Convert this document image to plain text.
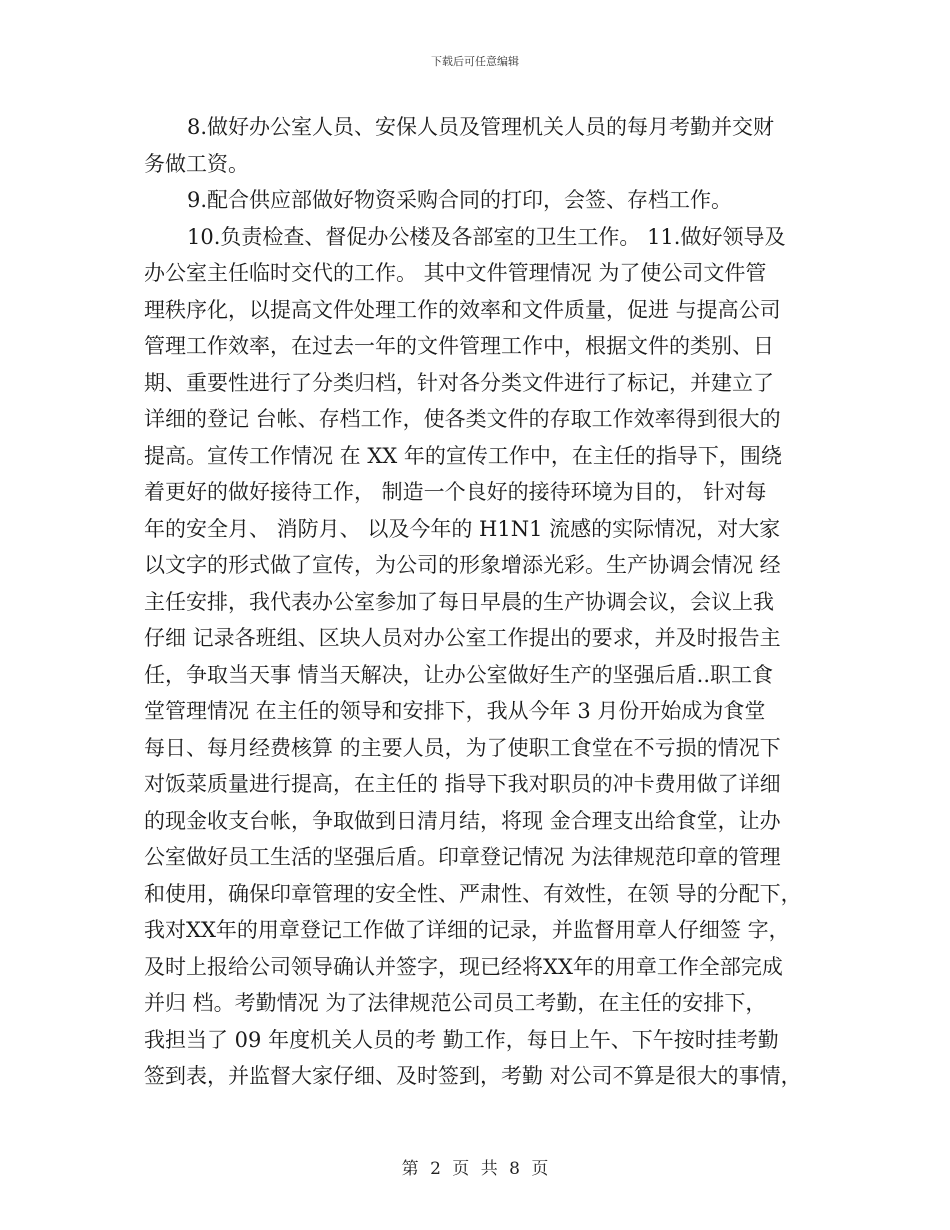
下载后可任意编辑
8.做好办公室人员、安保人员及管理机关人员的每月考勤并交财
务做工资。
9.配合供应部做好物资采购合同的打印，会签、存档工作。
10.负责检查、督促办公楼及各部室的卫生工作。 11.做好领导及
办公室主任临时交代的工作。 其中文件管理情况 为了使公司文件管
理秩序化，以提高文件处理工作的效率和文件质量，促进 与提高公司
管理工作效率，在过去一年的文件管理工作中，根据文件的类别、日
期、重要性进行了分类归档，针对各分类文件进行了标记，并建立了
详细的登记 台帐、存档工作，使各类文件的存取工作效率得到很大的
提高。宣传工作情况 在 XX 年的宣传工作中，在主任的指导下，围绕
着更好的做好接待工作， 制造一个良好的接待环境为目的， 针对每
年的安全月、 消防月、 以及今年的 H1N1 流感的实际情况，对大家
以文字的形式做了宣传，为公司的形象增添光彩。生产协调会情况 经
主任安排，我代表办公室参加了每日早晨的生产协调会议，会议上我
仔细 记录各班组、区块人员对办公室工作提出的要求，并及时报告主
任，争取当天事 情当天解决，让办公室做好生产的坚强后盾..职工食
堂管理情况 在主任的领导和安排下，我从今年 3 月份开始成为食堂
每日、每月经费核算 的主要人员，为了使职工食堂在不亏损的情况下
对饭菜质量进行提高，在主任的 指导下我对职员的冲卡费用做了详细
的现金收支台帐，争取做到日清月结，将现 金合理支出给食堂，让办
公室做好员工生活的坚强后盾。印章登记情况 为法律规范印章的管理
和使用，确保印章管理的安全性、严肃性、有效性，在领 导的分配下，
我对XX年的用章登记工作做了详细的记录，并监督用章人仔细签 字，
及时上报给公司领导确认并签字，现已经将XX年的用章工作全部完成
并归 档。考勤情况 为了法律规范公司员工考勤，在主任的安排下，
我担当了 09 年度机关人员的考 勤工作，每日上午、下午按时挂考勤
签到表，并监督大家仔细、及时签到，考勤 对公司不算是很大的事情，
第 2 页 共 8 页
